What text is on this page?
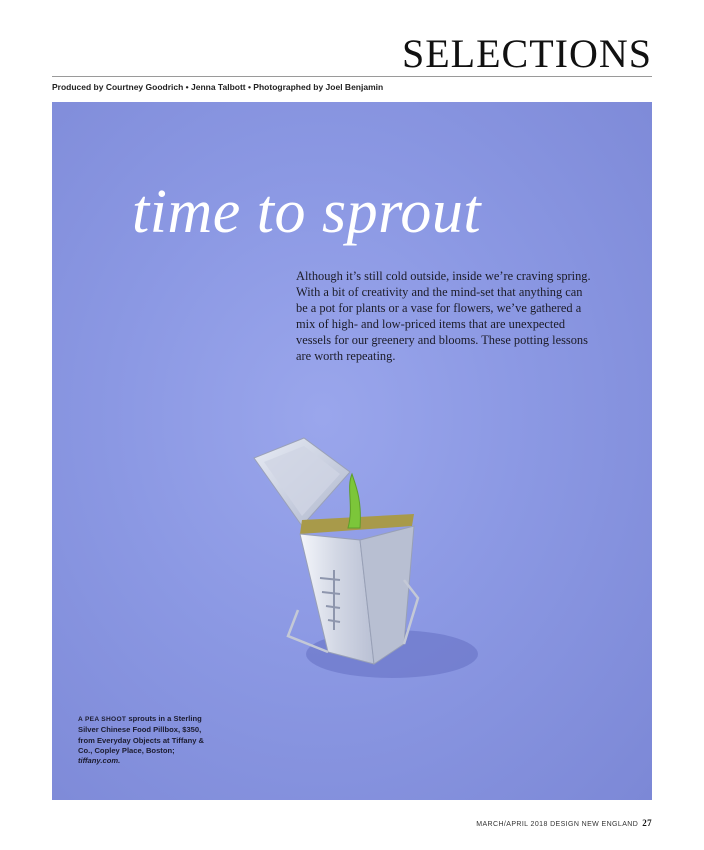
SELECTIONS
Produced by Courtney Goodrich • Jenna Talbott • Photographed by Joel Benjamin
time to sprout

Although it’s still cold outside, inside we’re craving spring. With a bit of creativity and the mind-set that anything can be a pot for plants or a vase for flowers, we’ve gathered a mix of high- and low-priced items that are unexpected vessels for our greenery and blooms. These potting lessons are worth repeating.

A PEA SHOOT sprouts in a Sterling Silver Chinese Food Pillbox, $350, from Everyday Objects at Tiffany & Co., Copley Place, Boston; tiffany.com.

MARCH/APRIL 2018 DESIGN NEW ENGLAND 27
